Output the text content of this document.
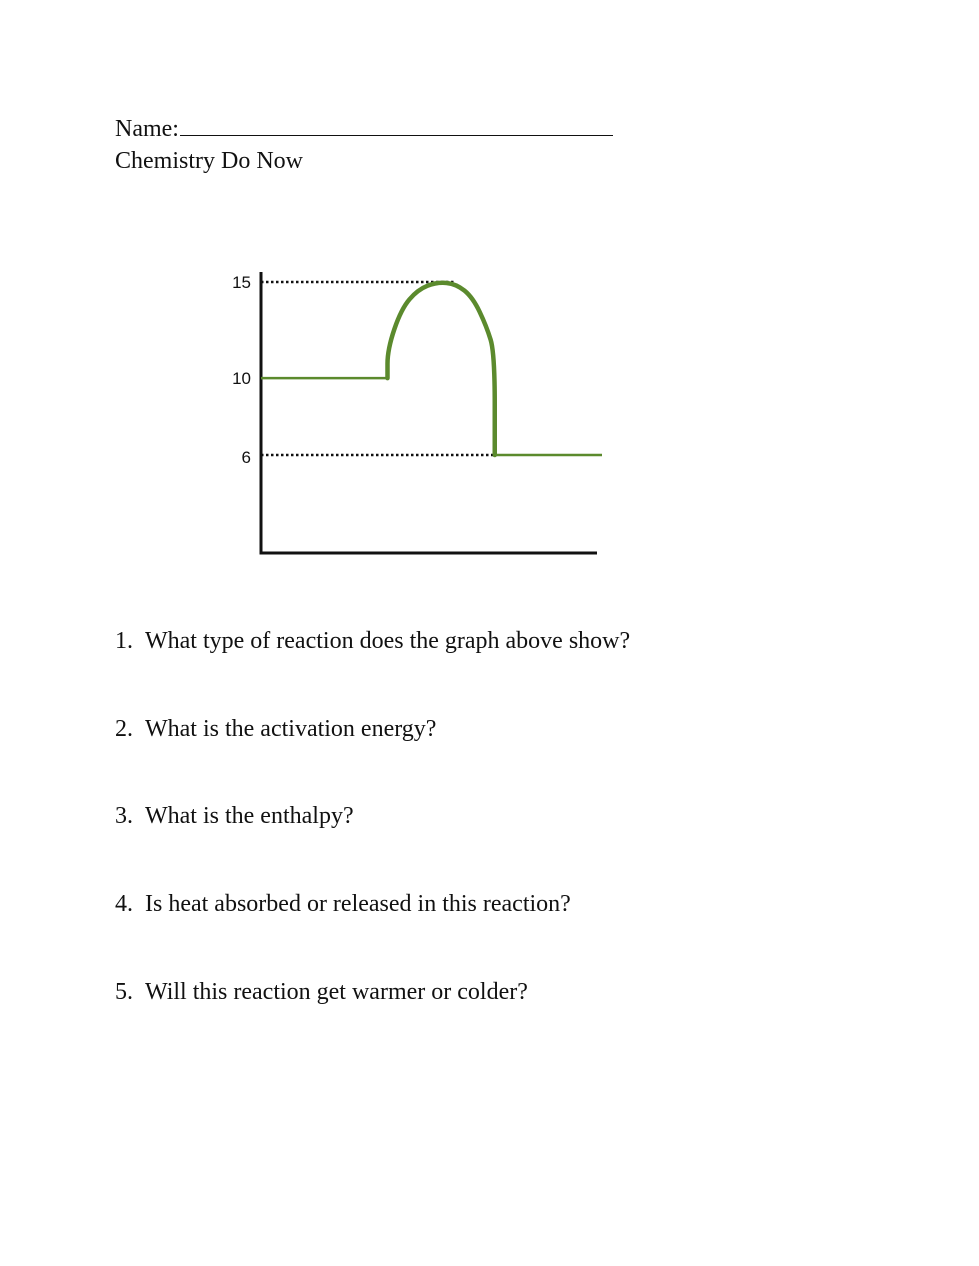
Name:
Chemistry Do Now
15
10
6
1. What type of reaction does the graph above show?
2. What is the activation energy?
3. What is the enthalpy?
4. Is heat absorbed or released in this reaction?
5. Will this reaction get warmer or colder?
